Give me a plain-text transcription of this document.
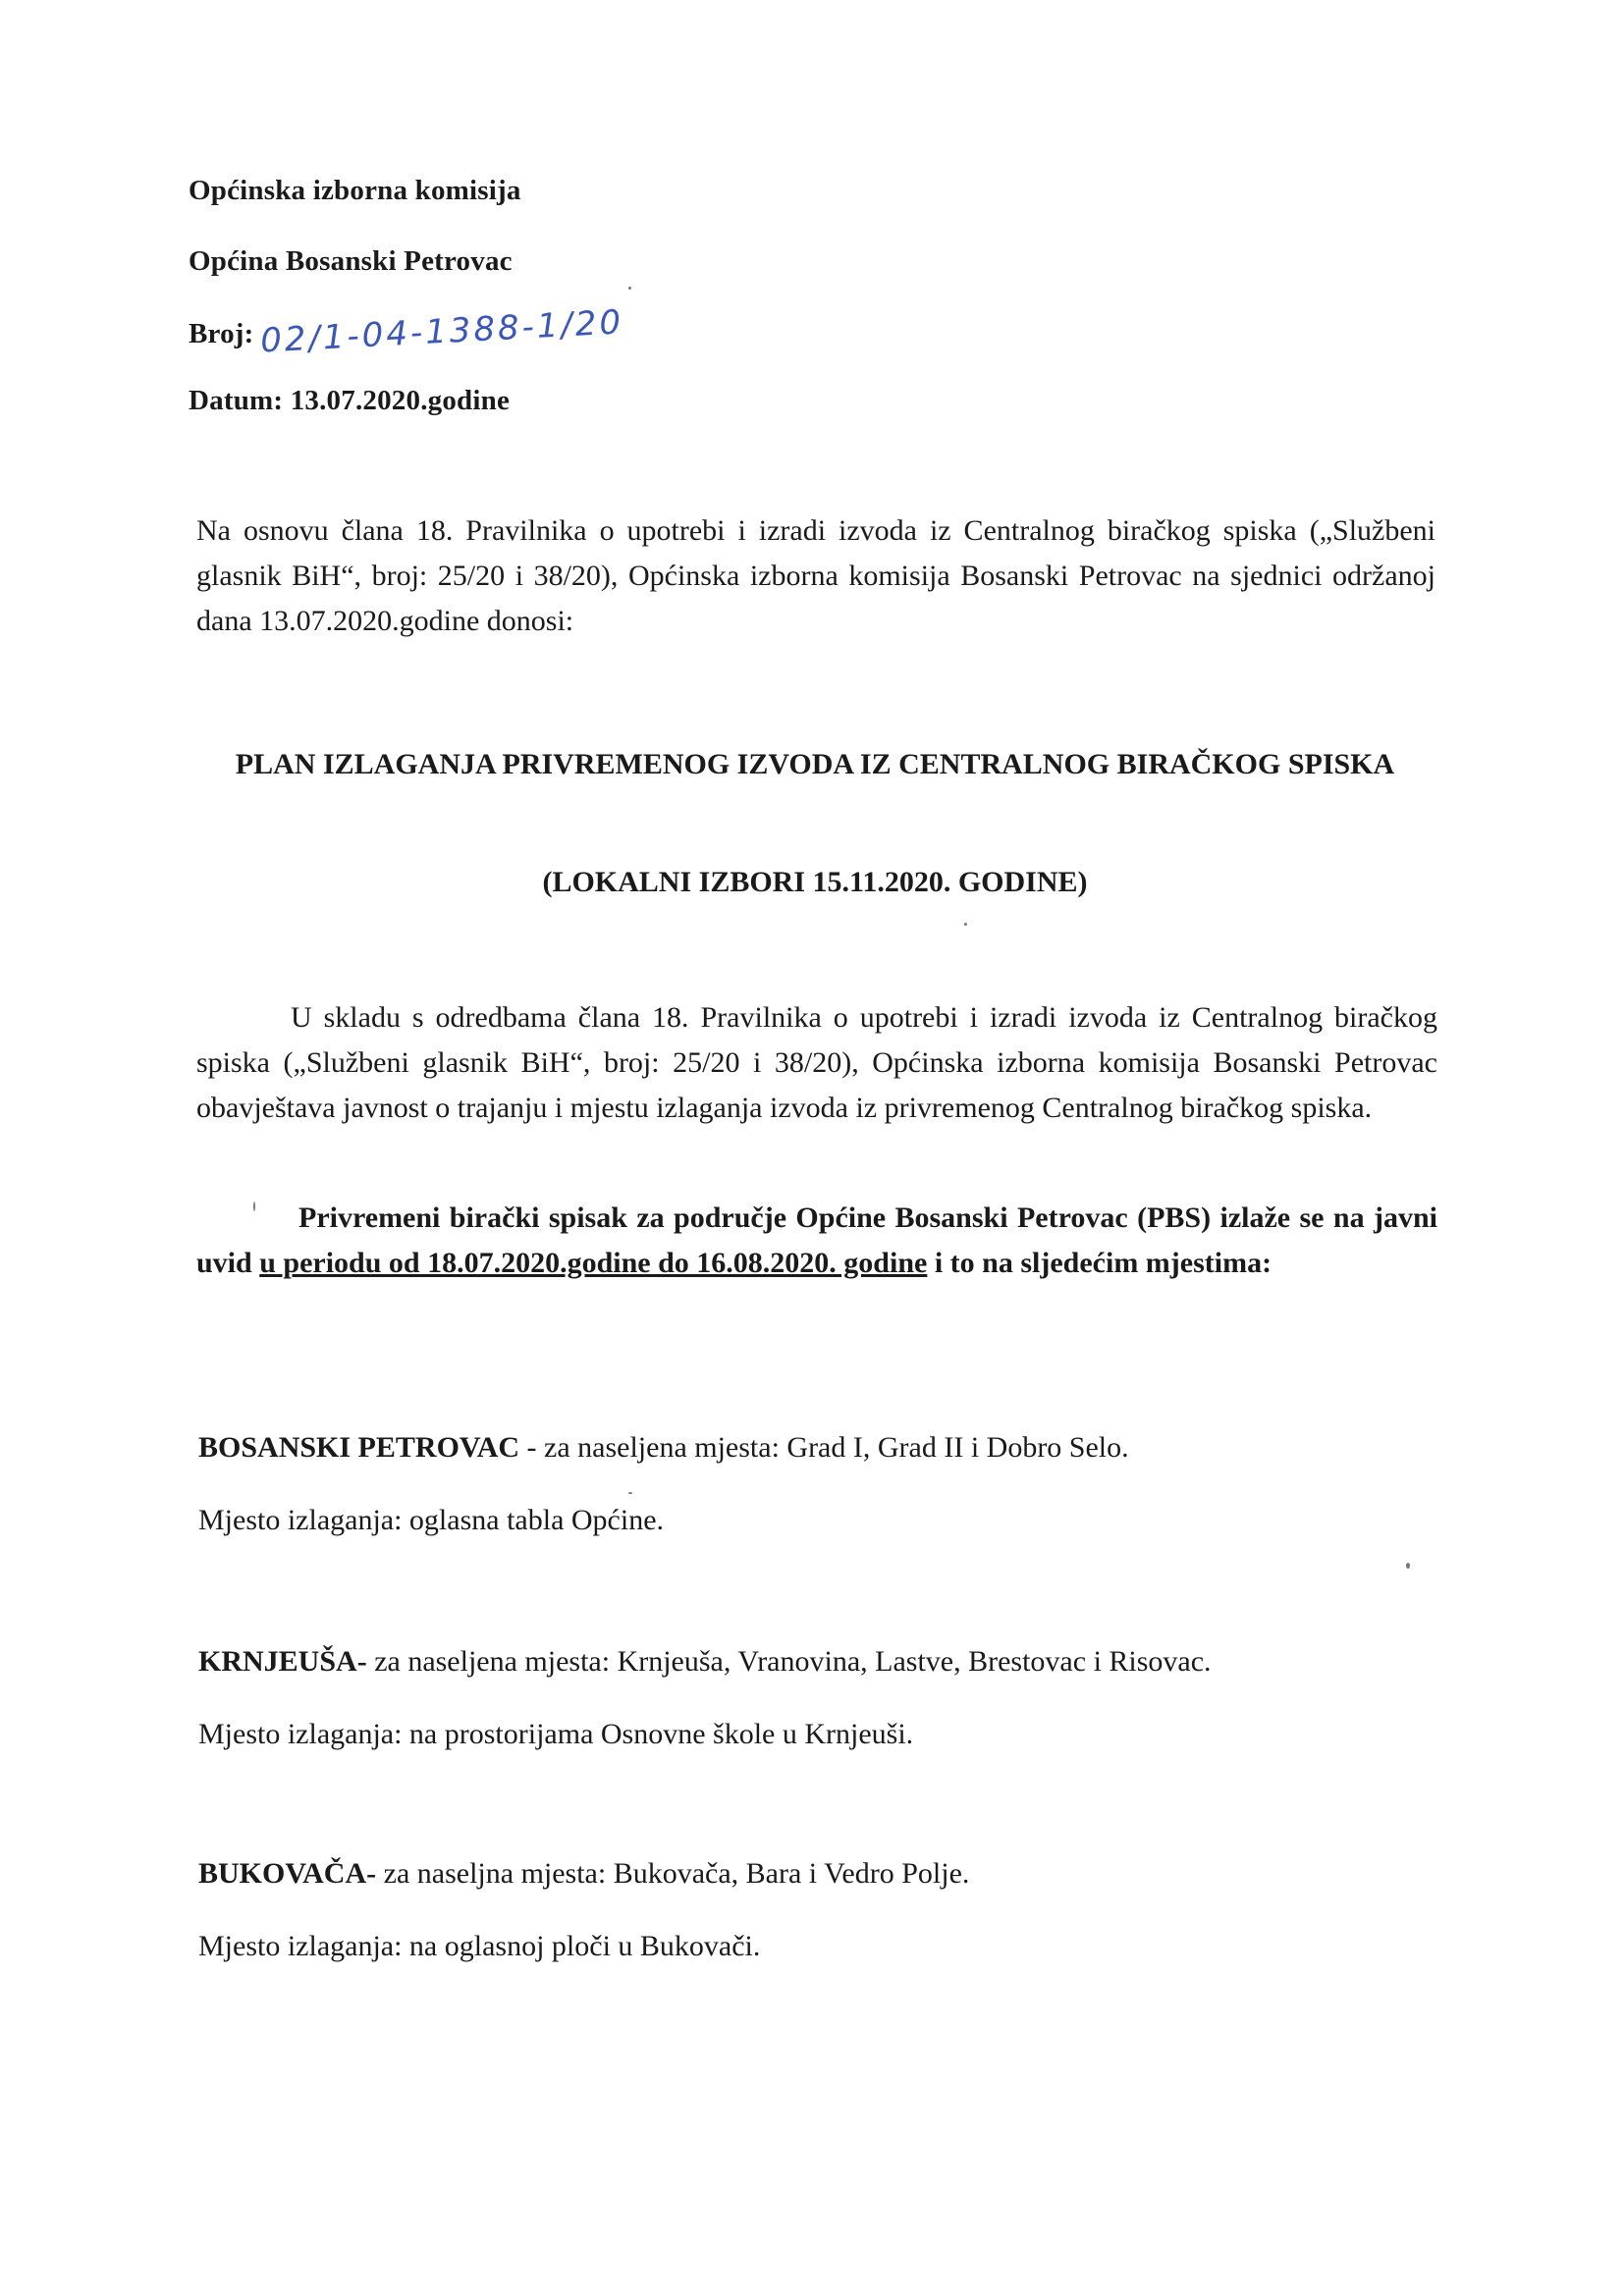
Općinska izborna komisija
Općina Bosanski Petrovac
Broj: 02/1-04-1388-1/20
Datum: 13.07.2020.godine
Na osnovu člana 18. Pravilnika o upotrebi i izradi izvoda iz Centralnog biračkog spiska („Službeni glasnik BiH“, broj: 25/20 i 38/20), Općinska izborna komisija Bosanski Petrovac na sjednici održanoj dana 13.07.2020.godine donosi:
PLAN IZLAGANJA PRIVREMENOG IZVODA IZ CENTRALNOG BIRAČKOG SPISKA
(LOKALNI IZBORI 15.11.2020. GODINE)
U skladu s odredbama člana 18. Pravilnika o upotrebi i izradi izvoda iz Centralnog biračkog spiska („Službeni glasnik BiH“, broj: 25/20 i 38/20), Općinska izborna komisija Bosanski Petrovac obavještava javnost o trajanju i mjestu izlaganja izvoda iz privremenog Centralnog biračkog spiska.
Privremeni birački spisak za područje Općine Bosanski Petrovac (PBS) izlaže se na javni uvid u periodu od 18.07.2020.godine do 16.08.2020. godine i to na sljedećim mjestima:
BOSANSKI PETROVAC - za naseljena mjesta: Grad I, Grad II i Dobro Selo.
Mjesto izlaganja: oglasna tabla Općine.
KRNJEUŠA- za naseljena mjesta: Krnjeuša, Vranovina, Lastve, Brestovac i Risovac.
Mjesto izlaganja: na prostorijama Osnovne škole u Krnjeuši.
BUKOVAČA- za naseljna mjesta: Bukovača, Bara i Vedro Polje.
Mjesto izlaganja: na oglasnoj ploči u Bukovači.
